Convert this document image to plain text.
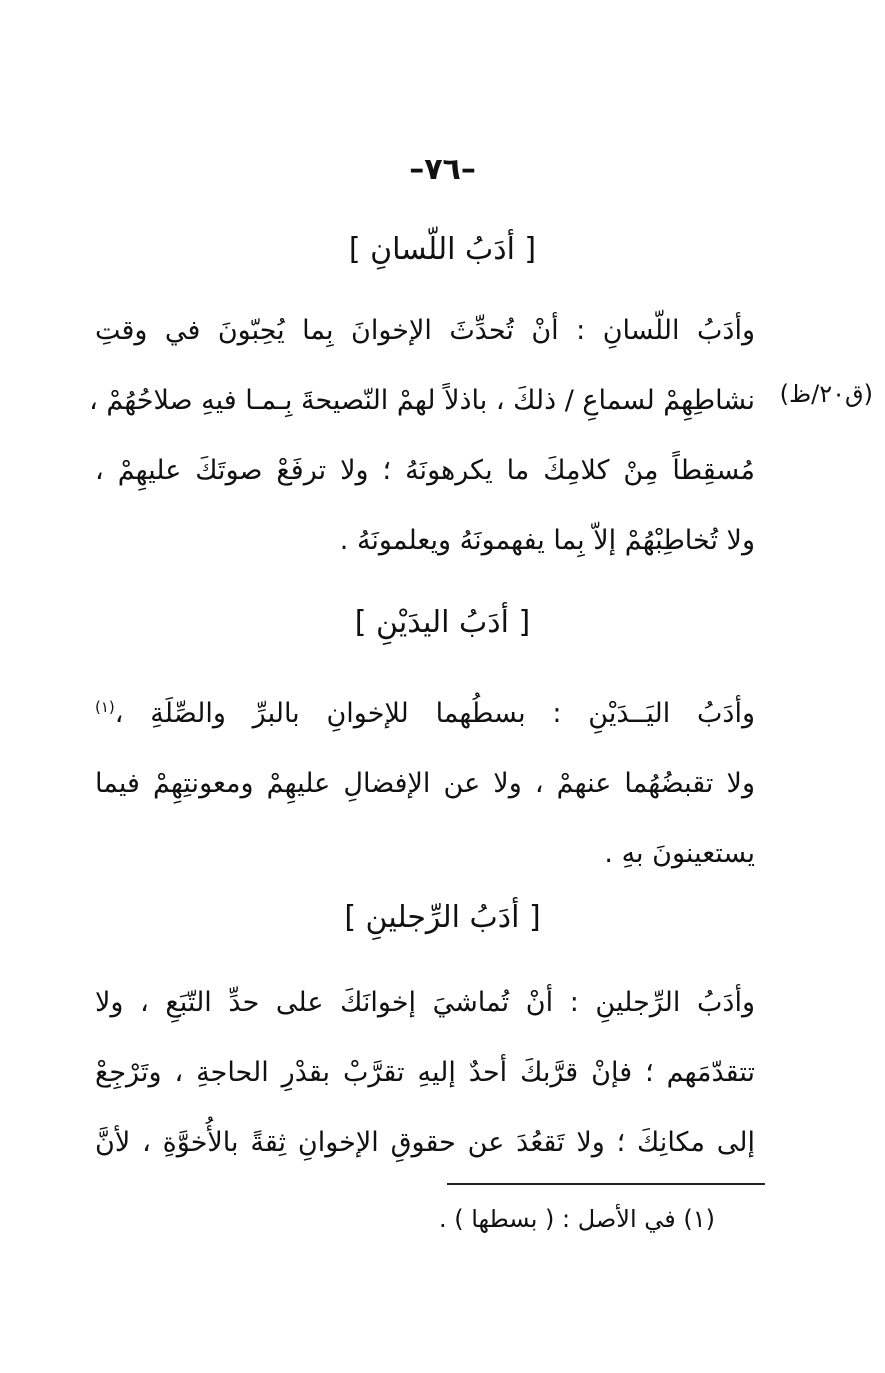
–٧٦–
[ أدَبُ اللّسانِ ]
(ق٢٠/ظ)
وأدَبُ اللّسانِ : أنْ تُحدِّثَ الإخوانَ بِما يُحِبّونَ في وقتِ
نشاطِهِمْ لسماعِ / ذلكَ ، باذلاً لهمْ النّصيحةَ بِـمـا فيهِ صلاحُهُمْ ،
مُسقِطاً مِنْ كلامِكَ ما يكرهونَهُ ؛ ولا ترفَعْ صوتَكَ عليهِمْ ،
ولا تُخاطِبْهُمْ إلاّ بِما يفهمونَهُ ويعلمونَهُ .
[ أدَبُ اليدَيْنِ ]
وأدَبُ اليَــدَيْنِ : بسطُهما للإخوانِ بالبرِّ والصِّلَةِ ،$^{(١)}$
ولا تقبضُهُما عنهمْ ، ولا عن الإفضالِ عليهِمْ ومعونتِهِمْ فيما
يستعينونَ بهِ .
[ أدَبُ الرِّجلينِ ]
وأدَبُ الرِّجلينِ : أنْ تُماشيَ إخوانَكَ على حدِّ التّبَعِ ، ولا
تتقدّمَهم ؛ فإنْ قرَّبكَ أحدٌ إليهِ تقرَّبْ بقدْرِ الحاجةِ ، وتَرْجِعْ
إلى مكانِكَ ؛ ولا تَقعُدَ عن حقوقِ الإخوانِ ثِقةً بالأُخوَّةِ ، لأنَّ
(١) في الأصل : ( بسطها ) .
